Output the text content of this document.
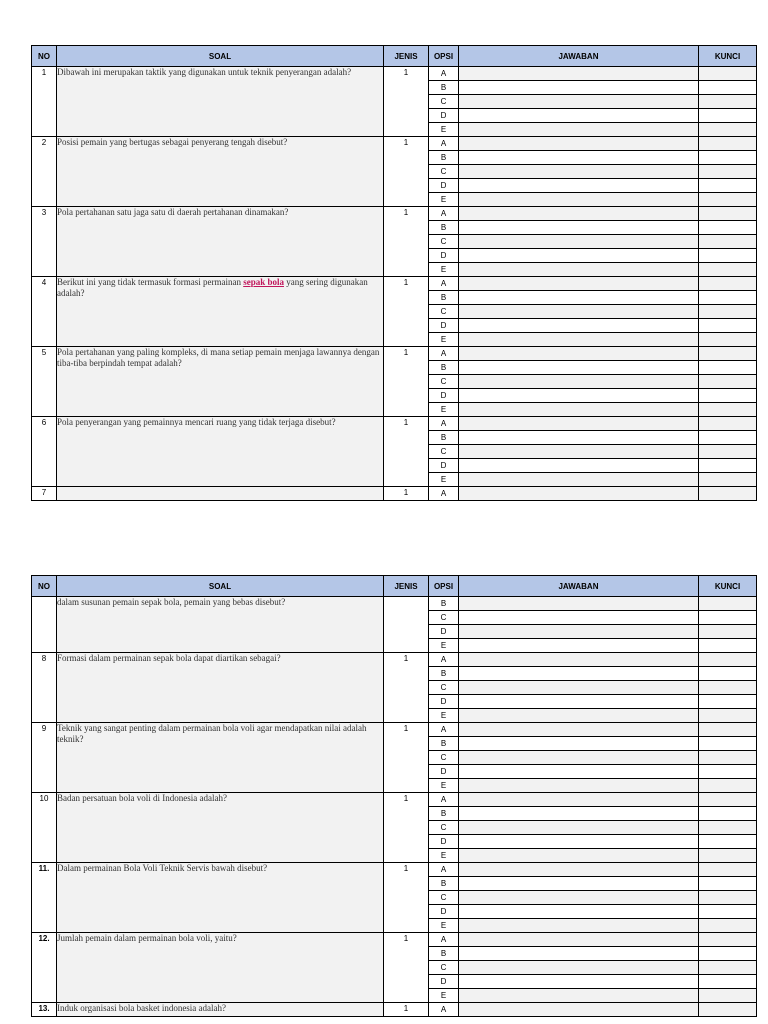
NO	SOAL	JENIS	OPSI	JAWABAN	KUNCI
1	Dibawah ini merupakan taktik yang digunakan untuk teknik penyerangan adalah?	1	A		
			B		
			C		
			D		
			E		
2	Posisi pemain yang bertugas sebagai penyerang tengah disebut?	1	A		
			B		
			C		
			D		
			E		
3	Pola pertahanan satu jaga satu di daerah pertahanan dinamakan?	1	A		
			B		
			C		
			D		
			E		
4	Berikut ini yang tidak termasuk formasi permainan sepak bola yang sering digunakan adalah?	1	A		
			B		
			C		
			D		
			E		
5	Pola pertahanan yang paling kompleks, di mana setiap pemain menjaga lawannya dengan tiba-tiba berpindah tempat adalah?	1	A		
			B		
			C		
			D		
			E		
6	Pola penyerangan yang pemainnya mencari ruang yang tidak terjaga disebut?	1	A		
			B		
			C		
			D		
			E		
7		1	A		
NO	SOAL	JENIS	OPSI	JAWABAN	KUNCI
	dalam susunan pemain sepak bola, pemain yang bebas disebut?		B		
			C		
			D		
			E		
8	Formasi dalam permainan sepak bola dapat diartikan sebagai?	1	A		
			B		
			C		
			D		
			E		
9	Teknik yang sangat penting dalam permainan bola voli agar mendapatkan nilai adalah teknik?	1	A		
			B		
			C		
			D		
			E		
10	Badan persatuan bola voli di Indonesia adalah?	1	A		
			B		
			C		
			D		
			E		
11.	Dalam permainan Bola Voli Teknik Servis bawah disebut?	1	A		
			B		
			C		
			D		
			E		
12.	Jumlah pemain dalam permainan bola voli, yaitu?	1	A		
			B		
			C		
			D		
			E		
13.	Induk organisasi bola basket indonesia adalah?	1	A		
